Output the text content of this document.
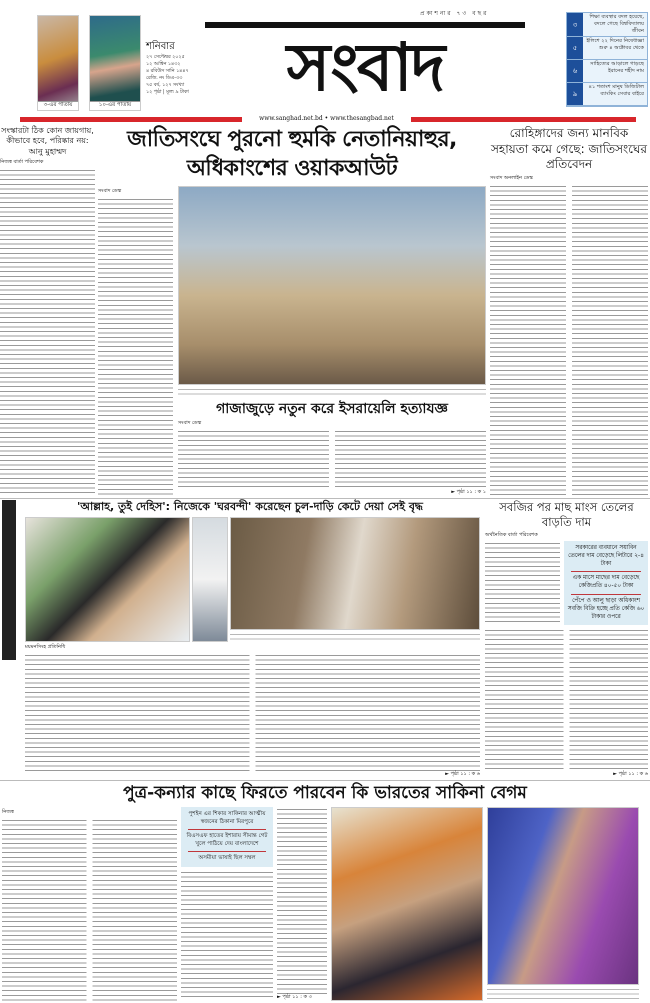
৩-এর পাতায়	১০-এর পাতায়
শনিবার
২৭ সেপ্টেম্বর ২০২৫
১২ আশ্বিন ১৪৩২
৪ রবিউস সানি ১৪৪৭
রেজি. নং ডিএ-৩৩
৭৫ বর্ষ, ১২৭ সংখ্যা
১২ পৃষ্ঠা | মূল্য ৯ টাকা
প্রকাশনার ৭৩ বছর
সংবাদ
৩
শিক্ষা ব্যবস্থার বদল হয়েছে, বদলে গেছে বিশ্ববিদ্যালয় জীবন
৫
ইলিশে ২২ দিনের নিষেধাজ্ঞা শুরু ৪ অক্টোবর থেকে
৬
সাহিত্যের আড়ালে গাড়ছে ইরানের শহীদ নাম
৯
৪১ শতাংশ মানুষ ডিজিটাল ব্যাংকিং সেবার বাইরে
www.sanghad.net.bd • www.thesangbad.net
সংস্কারটা ঠিক কোন জায়গায়, কীভাবে হবে, পরিষ্কার নয়: আনু মুহাম্মদ
নিজস্ব বার্তা পরিবেশক
জাতিসংঘে পুরনো হুমকি নেতানিয়াহুর,
অধিকাংশের ওয়াকআউট
সংবাদ ডেস্ক
গাজাজুড়ে নতুন করে ইসরায়েলি হত্যাযজ্ঞ
সংবাদ ডেস্ক
► পৃষ্ঠা ১১ : ক ১
রোহিঙ্গাদের জন্য মানবিক সহায়তা কমে গেছে: জাতিসংঘের প্রতিবেদন
সংবাদ অনলাইন ডেস্ক
'আল্লাহ, তুই দেহিস': নিজেকে 'ঘরবন্দী' করেছেন চুল-দাড়ি কেটে দেয়া সেই বৃদ্ধ
ময়মনসিংহ প্রতিনিধি
► পৃষ্ঠা ১১ : ক ৬
সবজির পর মাছ মাংস তেলের বাড়তি দাম
অর্থনৈতিক বার্তা পরিবেশক
সরকারের ব্যবধানে সয়াবিন তেলের দাম বেড়েছে লিটারে ২-৪ টাকা
এক মাসে মাছের দাম বেড়েছে কেজিপ্রতি ৪০-৫০ টাকা
পেঁপে ও আলু ছাড়া অধিকাংশ সবজি বিক্রি হচ্ছে প্রতি কেজি ৬০ টাকার ওপরে
► পৃষ্ঠা ১১ : ক ৬
পুত্র-কন্যার কাছে ফিরতে পারবেন কি ভারতের সাকিনা বেগম
নিজস্ব	পুশইন এর শিকার সাকিনার আত্মীয় স্বজনের ঠিকানা মিরপুরে
বিএসএফ হাতের ইশারায় সীমান্ত গেট খুলে পাঠিয়ে দেয় বাংলাদেশে
অসমীয়া ভাষাই ছিল সম্বল
► পৃষ্ঠা ১১ : ক ৩
